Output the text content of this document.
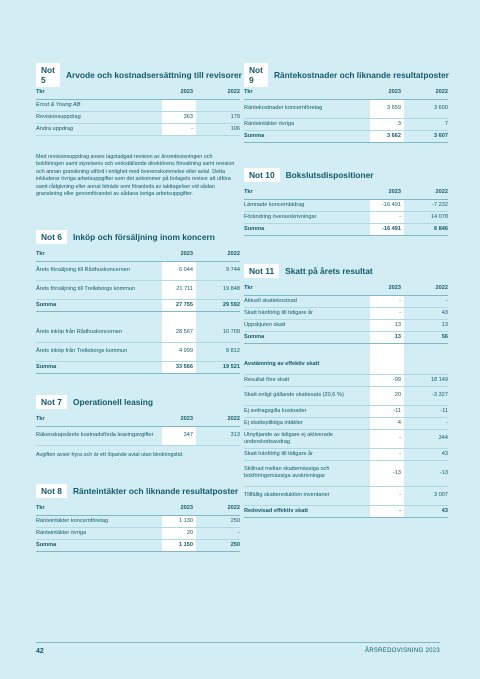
Not 5	Arvode och kostnadsersättning till revisorer
Tkr	2023	2022
Ernst & Young AB		
Revisionsuppdrag	363	179
Andra uppdrag	-	106
Med revisionsuppdrag avses lagstadgad revision av årsredovisningen och bokföringen samt styrelsens och verkställande direktörens förvaltning samt revision och annan granskning utförd i enlighet med överenskommelse eller avtal. Detta inkluderar övriga arbetsuppgifter som det ankommer på bolagets revisor att utföra samt rådgivning eller annat biträde som föranleds av iakttagelser vid sådan granskning eller genomförandet av sådana övriga arbetsuppgifter.
Not 6	Inköp och försäljning inom koncern
Tkr	2023	2022
Årets försäljning till Rådhuskoncernen	6 044	9 744
Årets försäljning till Trelleborgs kommun	21 711	19 848
Summa	27 755	29 592

Årets inköp från Rådhuskoncernen	28 567	10 709
Årets inköp från Trelleborgs kommun	4 999	8 812
Summa	33 566	19 521
Not 7	Operationell leasing
Tkr	2023	2022
Räkenskapsårets kostnadsförda leasingavgifter	347	313
Avgiften avser hyra och är ett löpande avtal utan bindningstid.
Not 8	Ränteintäkter och liknande resultatposter
Tkr	2023	2022
Ränteintäkter koncernföretag	1 130	250
Ränteintäkter övriga	20	-
Summa	1 150	250
Not 9	Räntekostnader och liknande resultatposter
Tkr	2023	2022
Räntekostnader koncernföretag	3 659	3 600
Ränteintäkter övriga	3	7
Summa	3 662	3 607
Not 10	Bokslutsdispositioner
Tkr	2023	2022
Lämnade koncernbidrag	-16 491	-7 232
Förändring överavskrivningar	-	14 078
Summa	-16 491	6 846
Not 11	Skatt på årets resultat
Tkr	2023	2022
Aktuell skattekostnad	-	-
Skatt hänförlig till tidigare år	-	43
Uppskjuten skatt	13	13
Summa	13	56

Avstämning av effektiv skatt		
Resultat före skatt	-99	18 149
Skatt enligt gällande skattesats (20,6 %)	20	-3 327
Ej avdragsgilla kostnader	-11	-11
Ej skattepliktiga intäkter	4	-
Utnyttjande av tidigare ej aktiverade underskottsavdrag	-	344
Skatt hänförlig till tidigare år	-	43
Skillnad mellan skattemässiga och bokföringsmässiga avskrivningar	-13	-13
Tillfällig skattereduktion inventarier	-	3 007
Redovisad effektiv skatt	-	43
42	ÅRSREDOVISNING 2023
